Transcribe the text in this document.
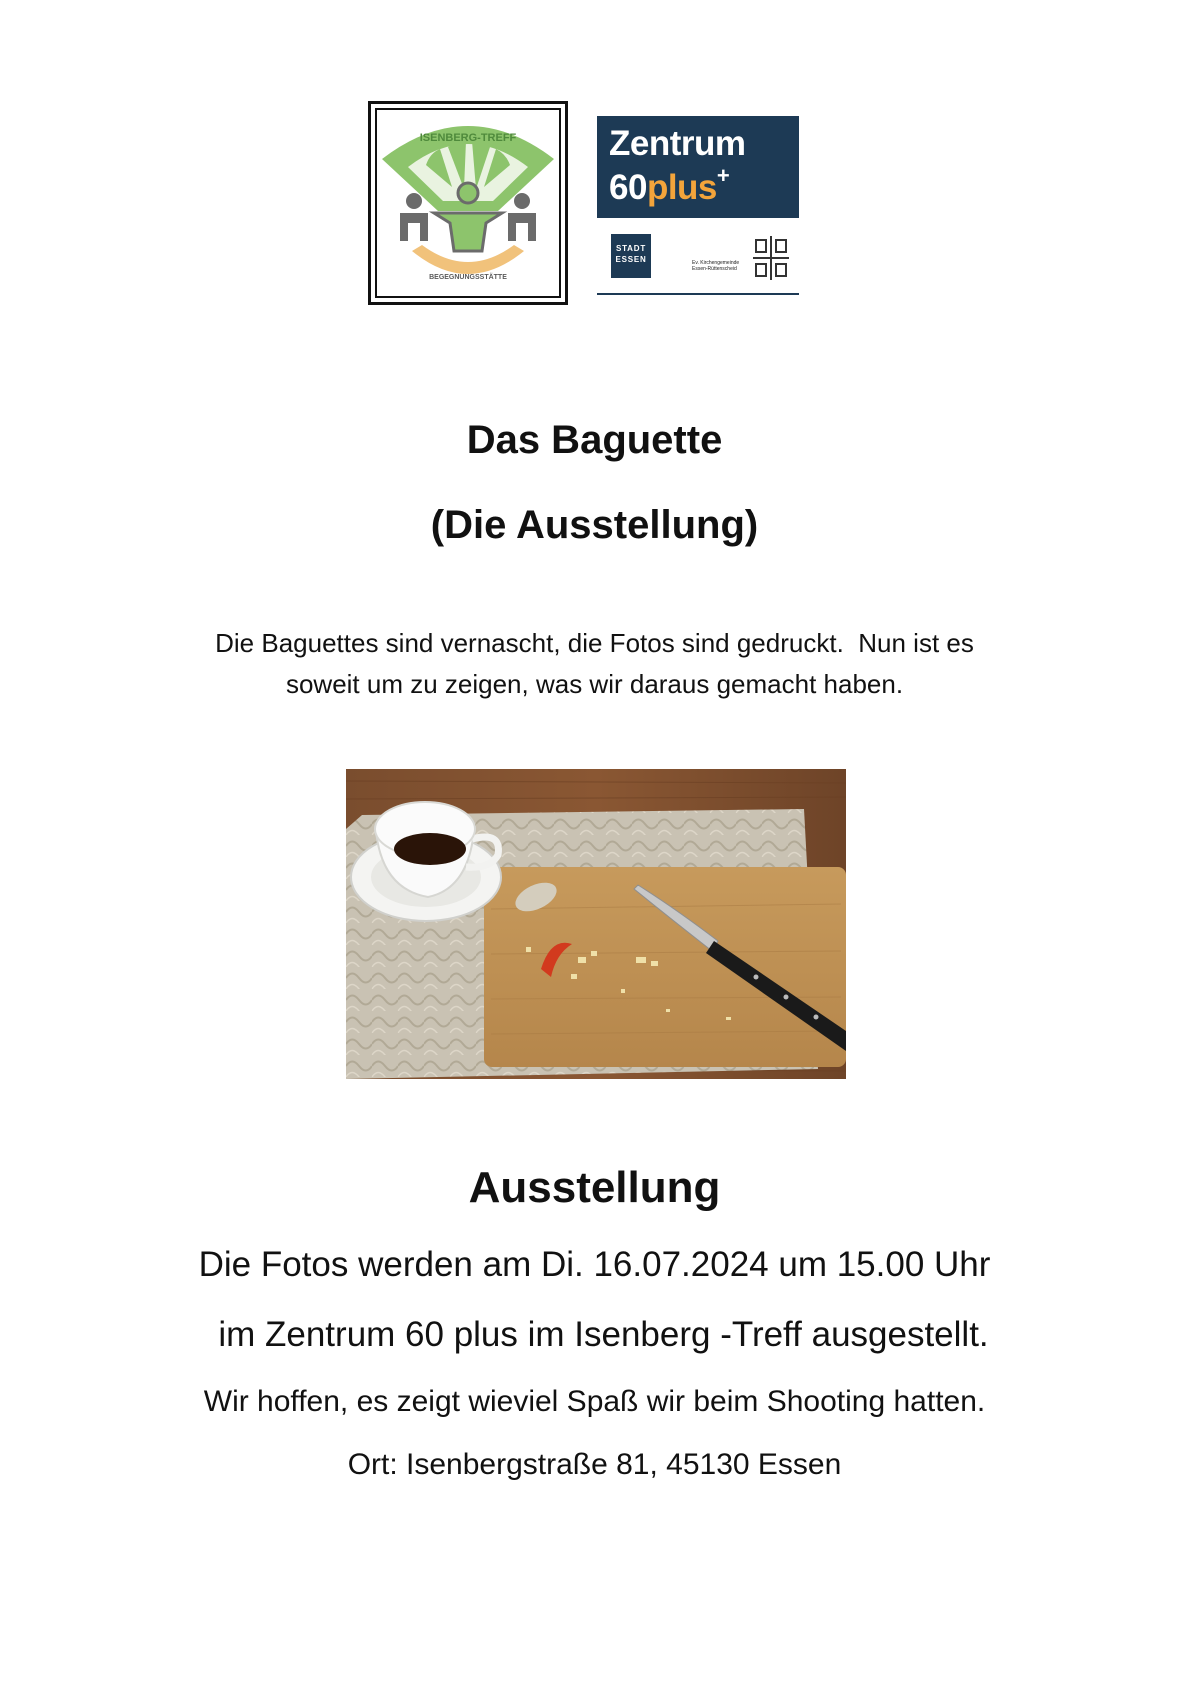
ISENBERG-TREFF
BEGEGNUNGSSTÄTTE
Zentrum
60plus+
STADT
ESSEN	Ev. Kirchengemeinde
Essen-Rüttenscheid
Das Baguette
(Die Ausstellung)
Die Baguettes sind vernascht, die Fotos sind gedruckt.  Nun ist es
soweit um zu zeigen, was wir daraus gemacht haben.
Ausstellung
Die Fotos werden am Di. 16.07.2024 um 15.00 Uhr
im Zentrum 60 plus im Isenberg -Treff ausgestellt.
Wir hoffen, es zeigt wieviel Spaß wir beim Shooting hatten.
Ort: Isenbergstraße 81, 45130 Essen
